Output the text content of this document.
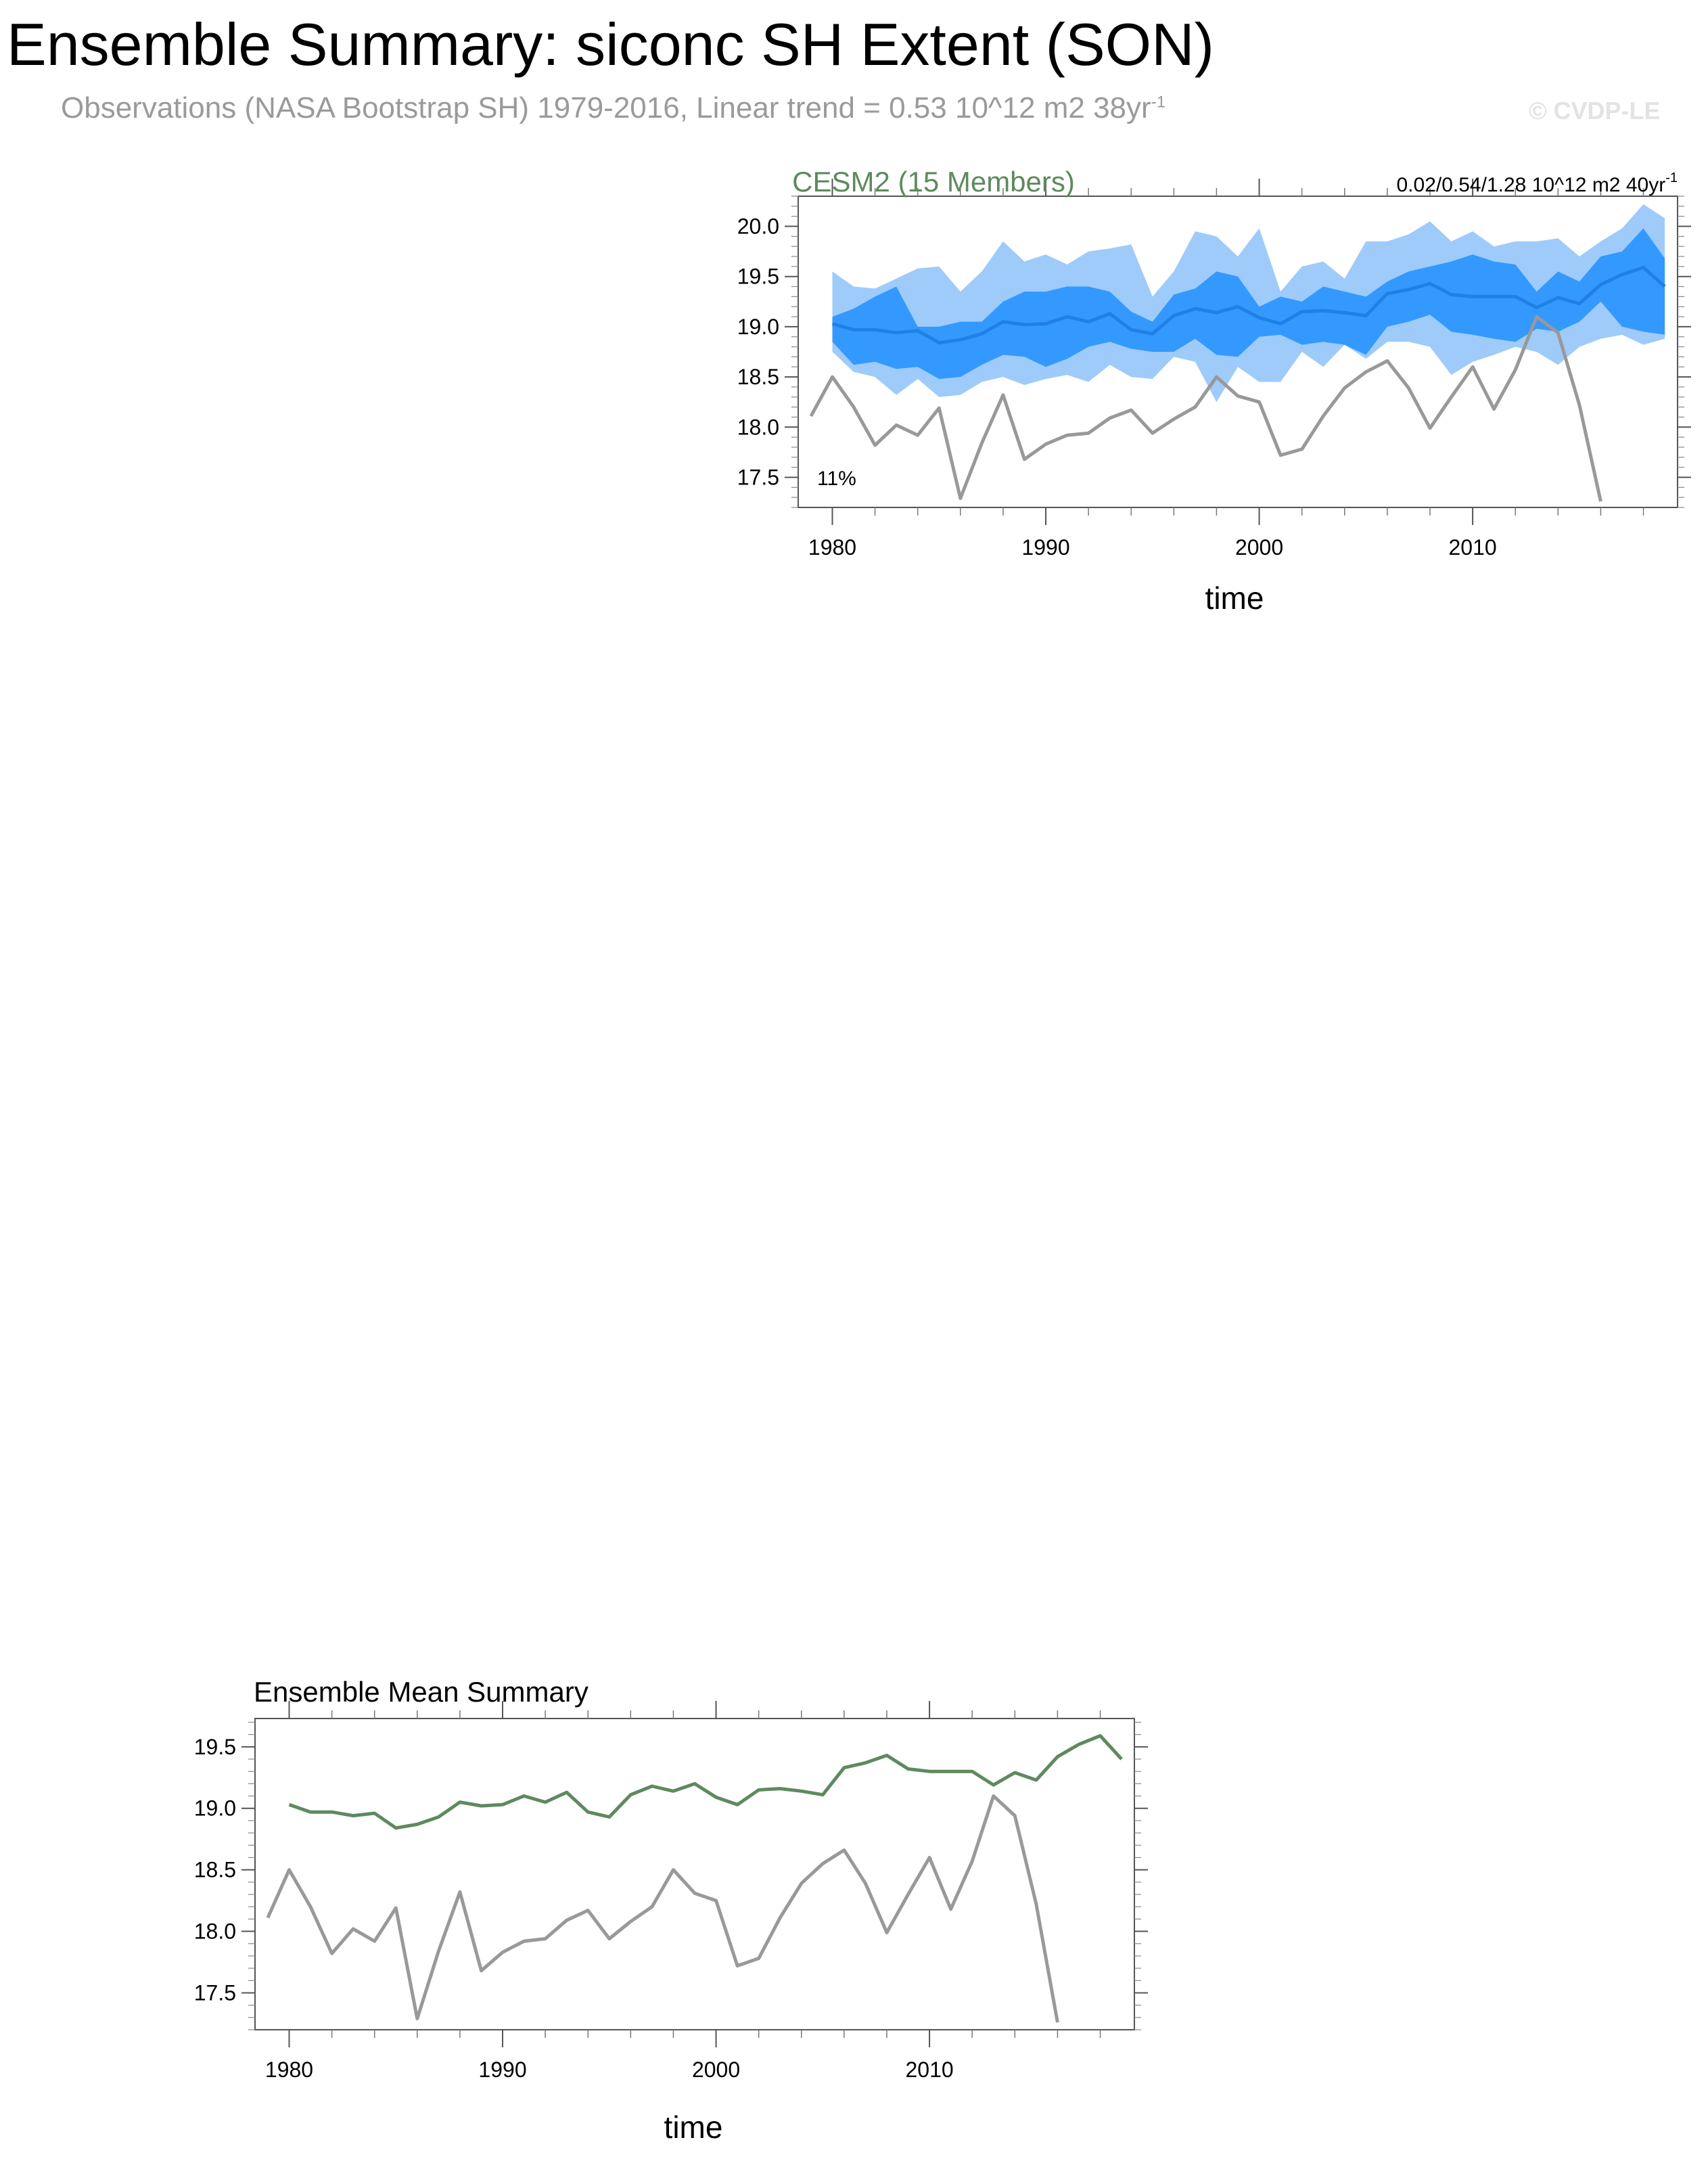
Ensemble Summary: siconc SH Extent (SON)
Observations (NASA Bootstrap SH) 1979-2016, Linear trend = 0.53 10^12 m2 $38yr^{-1}$	© CVDP-LE
1980	1990	2000	2010
17.5
18.0
18.5
19.0
19.5
20.0
CESM2 (15 Members)	0.02/0.54/1.28 10^12 m2 $40yr^{-1}$
11%
time
1980	1990	2000	2010
17.5
18.0
18.5
19.0
19.5
Ensemble Mean Summary
time
